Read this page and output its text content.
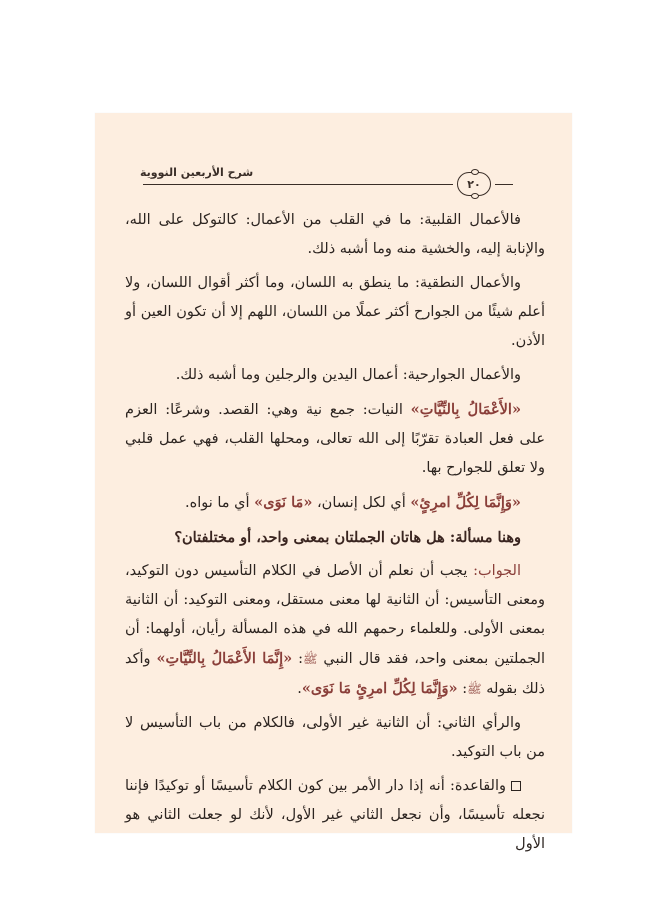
شرح الأربعين النووية
٢٠

فالأعمال القلبية: ما في القلب من الأعمال: كالتوكل على الله، والإنابة إليه، والخشية منه وما أشبه ذلك.

والأعمال النطقية: ما ينطق به اللسان، وما أكثر أقوال اللسان، ولا أعلم شيئًا من الجوارح أكثر عملًا من اللسان، اللهم إلا أن تكون العين أو الأذن.

والأعمال الجوارحية: أعمال اليدين والرجلين وما أشبه ذلك.

«الأَعْمَالُ بِالنِّيَّاتِ» النيات: جمع نية وهي: القصد. وشرعًا: العزم على فعل العبادة تقرّبًا إلى الله تعالى، ومحلها القلب، فهي عمل قلبي ولا تعلق للجوارح بها.

«وَإِنَّمَا لِكُلِّ امرِئٍ» أي لكل إنسان، «مَا نَوَى» أي ما نواه.

وهنا مسألة: هل هاتان الجملتان بمعنى واحد، أو مختلفتان؟

الجواب: يجب أن نعلم أن الأصل في الكلام التأسيس دون التوكيد، ومعنى التأسيس: أن الثانية لها معنى مستقل، ومعنى التوكيد: أن الثانية بمعنى الأولى. وللعلماء رحمهم الله في هذه المسألة رأيان، أولهما: أن الجملتين بمعنى واحد، فقد قال النبي ﷺ: «إِنَّمَا الأَعْمَالُ بِالنِّيَّاتِ» وأكد ذلك بقوله ﷺ: «وَإِنَّمَا لِكُلِّ امرِئٍ مَا نَوَى».

والرأي الثاني: أن الثانية غير الأولى، فالكلام من باب التأسيس لا من باب التوكيد.

والقاعدة: أنه إذا دار الأمر بين كون الكلام تأسيسًا أو توكيدًا فإننا نجعله تأسيسًا، وأن نجعل الثاني غير الأول، لأنك لو جعلت الثاني هو الأول
